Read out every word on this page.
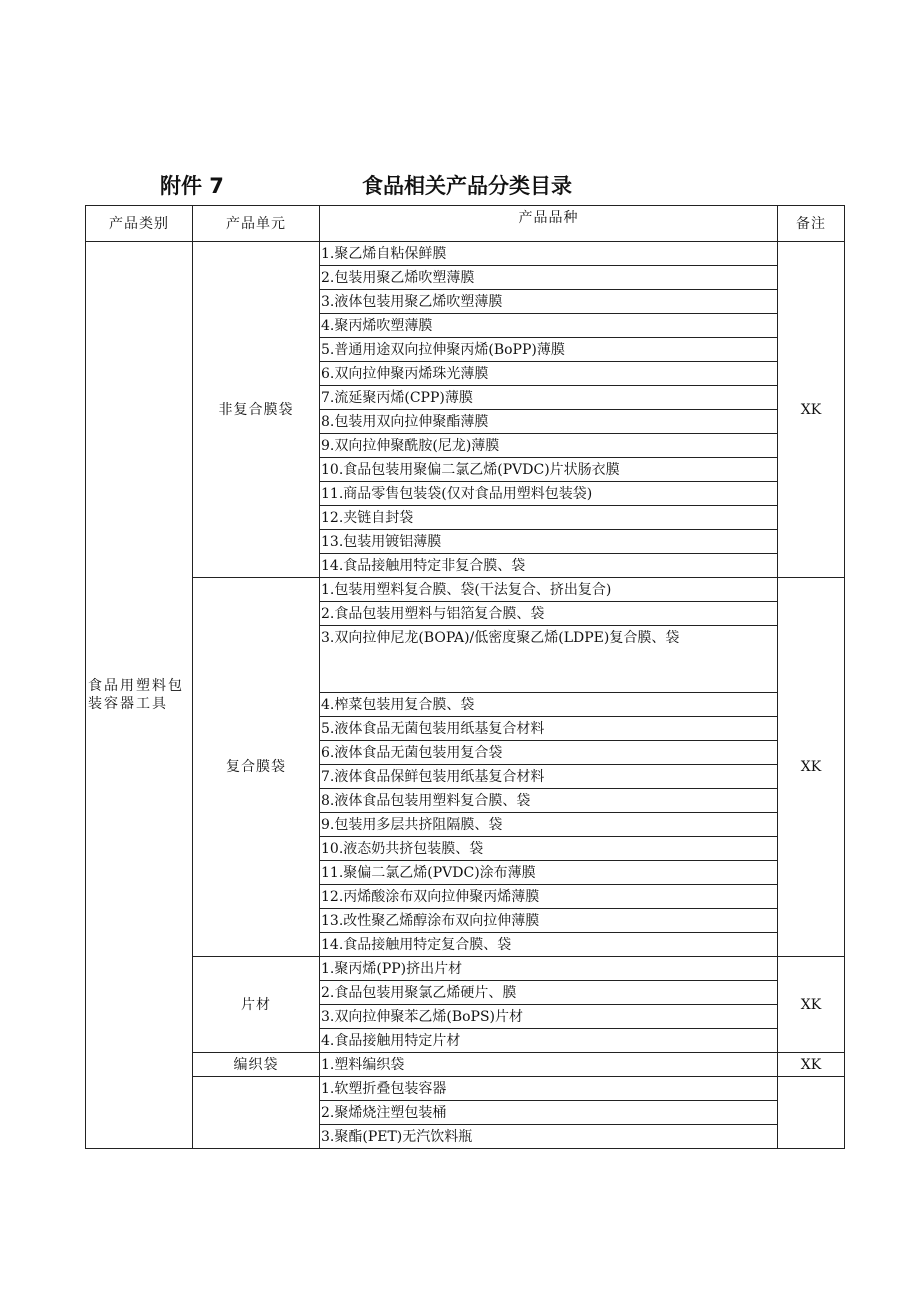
附件 7	食品相关产品分类目录
产品类别	产品单元	产品品种	备注
食品用塑料包装容器工具	非复合膜袋	1.聚乙烯自粘保鲜膜	XK
		2.包装用聚乙烯吹塑薄膜	
		3.液体包装用聚乙烯吹塑薄膜	
		4.聚丙烯吹塑薄膜	
		5.普通用途双向拉伸聚丙烯(BoPP)薄膜	
		6.双向拉伸聚丙烯珠光薄膜	
		7.流延聚丙烯(CPP)薄膜	
		8.包装用双向拉伸聚酯薄膜	
		9.双向拉伸聚酰胺(尼龙)薄膜	
		10.食品包装用聚偏二氯乙烯(PVDC)片状肠衣膜	
		11.商品零售包装袋(仅对食品用塑料包装袋)	
		12.夹链自封袋	
		13.包装用镀铝薄膜	
		14.食品接触用特定非复合膜、袋	
	复合膜袋	1.包装用塑料复合膜、袋(干法复合、挤出复合)	XK
		2.食品包装用塑料与铝箔复合膜、袋	
		3.双向拉伸尼龙(BOPA)/低密度聚乙烯(LDPE)复合膜、袋	
		4.榨菜包装用复合膜、袋	
		5.液体食品无菌包装用纸基复合材料	
		6.液体食品无菌包装用复合袋	
		7.液体食品保鲜包装用纸基复合材料	
		8.液体食品包装用塑料复合膜、袋	
		9.包装用多层共挤阻隔膜、袋	
		10.液态奶共挤包装膜、袋	
		11.聚偏二氯乙烯(PVDC)涂布薄膜	
		12.丙烯酸涂布双向拉伸聚丙烯薄膜	
		13.改性聚乙烯醇涂布双向拉伸薄膜	
		14.食品接触用特定复合膜、袋	
	片材	1.聚丙烯(PP)挤出片材	XK
		2.食品包装用聚氯乙烯硬片、膜	
		3.双向拉伸聚苯乙烯(BoPS)片材	
		4.食品接触用特定片材	
	编织袋	1.塑料编织袋	XK
		1.软塑折叠包装容器	
		2.聚烯烧注塑包装桶	
		3.聚酯(PET)无汽饮料瓶	
